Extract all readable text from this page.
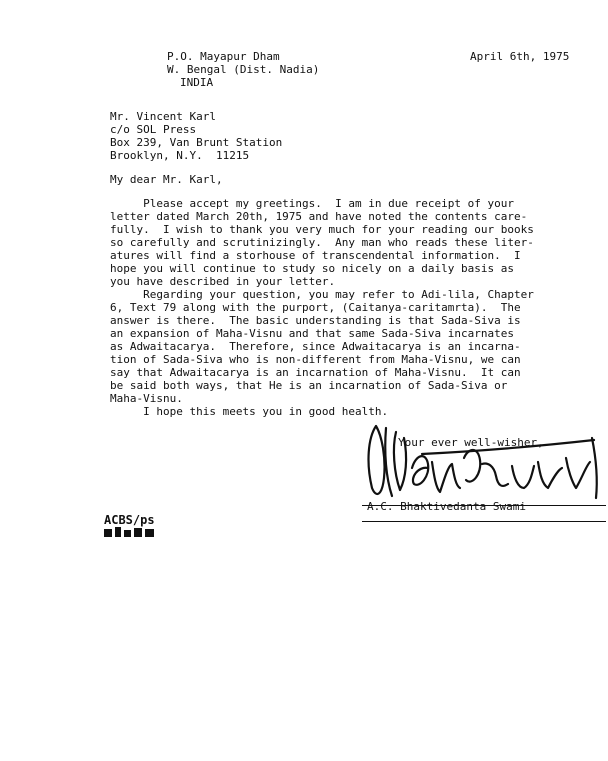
P.O. Mayapur Dham
W. Bengal (Dist. Nadia)
INDIA
April 6th, 1975
Mr. Vincent Karl
c/o SOL Press
Box 239, Van Brunt Station
Brooklyn, N.Y.  11215
My dear Mr. Karl,
Please accept my greetings.  I am in due receipt of your
letter dated March 20th, 1975 and have noted the contents care-
fully.  I wish to thank you very much for your reading our books
so carefully and scrutinizingly.  Any man who reads these liter-
atures will find a storhouse of transcendental information.  I
hope you will continue to study so nicely on a daily basis as
you have described in your letter.
Regarding your question, you may refer to Adi-lila, Chapter
6, Text 79 along with the purport, (Caitanya-caritamrta).  The
answer is there.  The basic understanding is that Sada-Siva is
an expansion of Maha-Visnu and that same Sada-Siva incarnates
as Adwaitacarya.  Therefore, since Adwaitacarya is an incarna-
tion of Sada-Siva who is non-different from Maha-Visnu, we can
say that Adwaitacarya is an incarnation of Maha-Visnu.  It can
be said both ways, that He is an incarnation of Sada-Siva or
Maha-Visnu.
I hope this meets you in good health.
Your ever well-wisher,
A.C. Bhaktivedanta Swami
ACBS/ps
